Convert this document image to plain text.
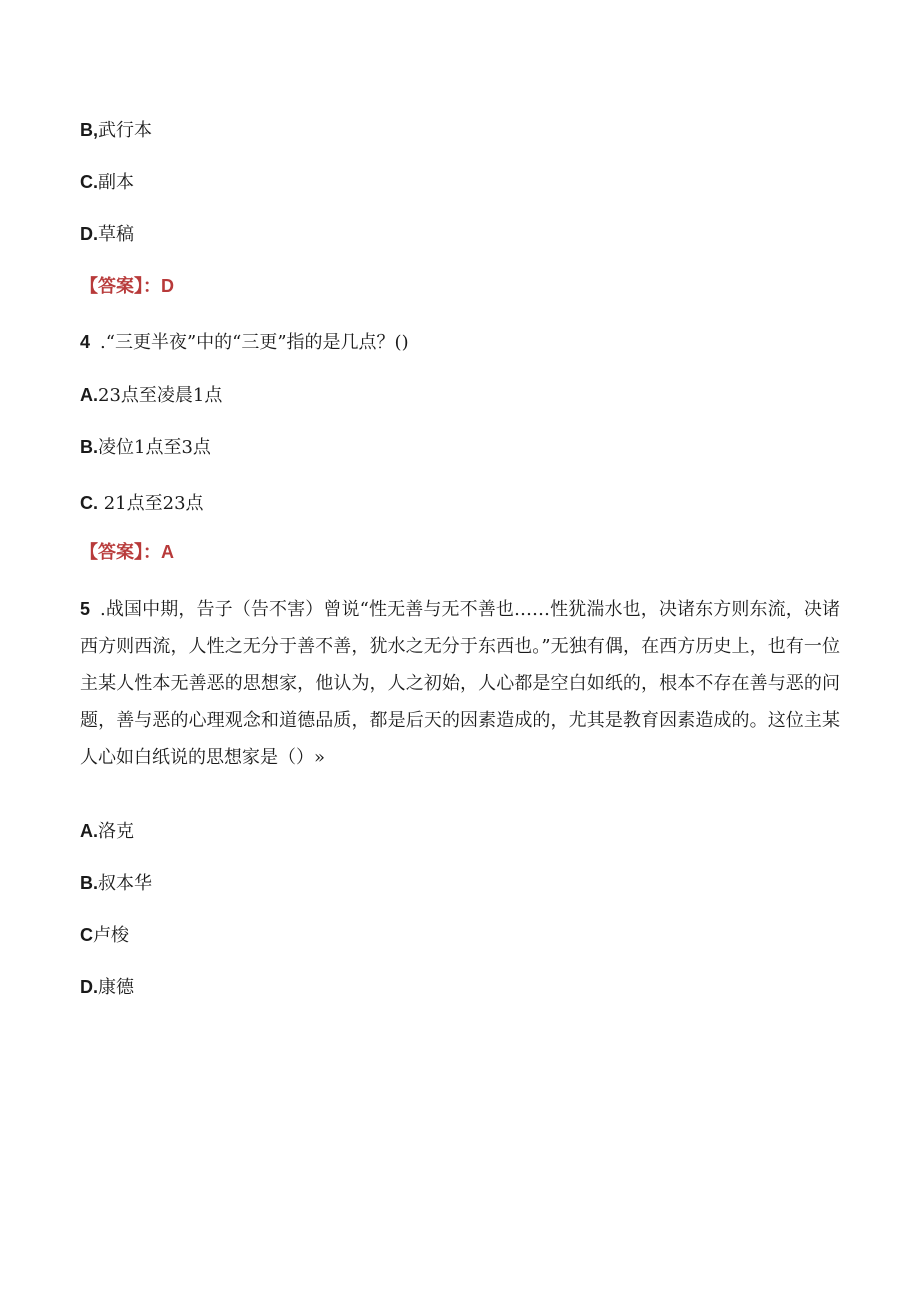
B,武行本
C.副本
D.草稿
【答案】：D
4 .“三更半夜”中的“三更”指的是几点？()
A.23点至凌晨1点
B.凌位1点至3点
C. 21点至23点
【答案】：A
5 .战国中期，告子（告不害）曾说“性无善与无不善也……性犹湍水也，决诸东方则东流，决诸西方则西流，人性之无分于善不善，犹水之无分于东西也。”无独有偶，在西方历史上，也有一位主某人性本无善恶的思想家，他认为，人之初始，人心都是空白如纸的，根本不存在善与恶的问题，善与恶的心理观念和道德品质，都是后天的因素造成的，尤其是教育因素造成的。这位主某人心如白纸说的思想家是（）»
A.洛克
B.叔本华
C卢梭
D.康德
